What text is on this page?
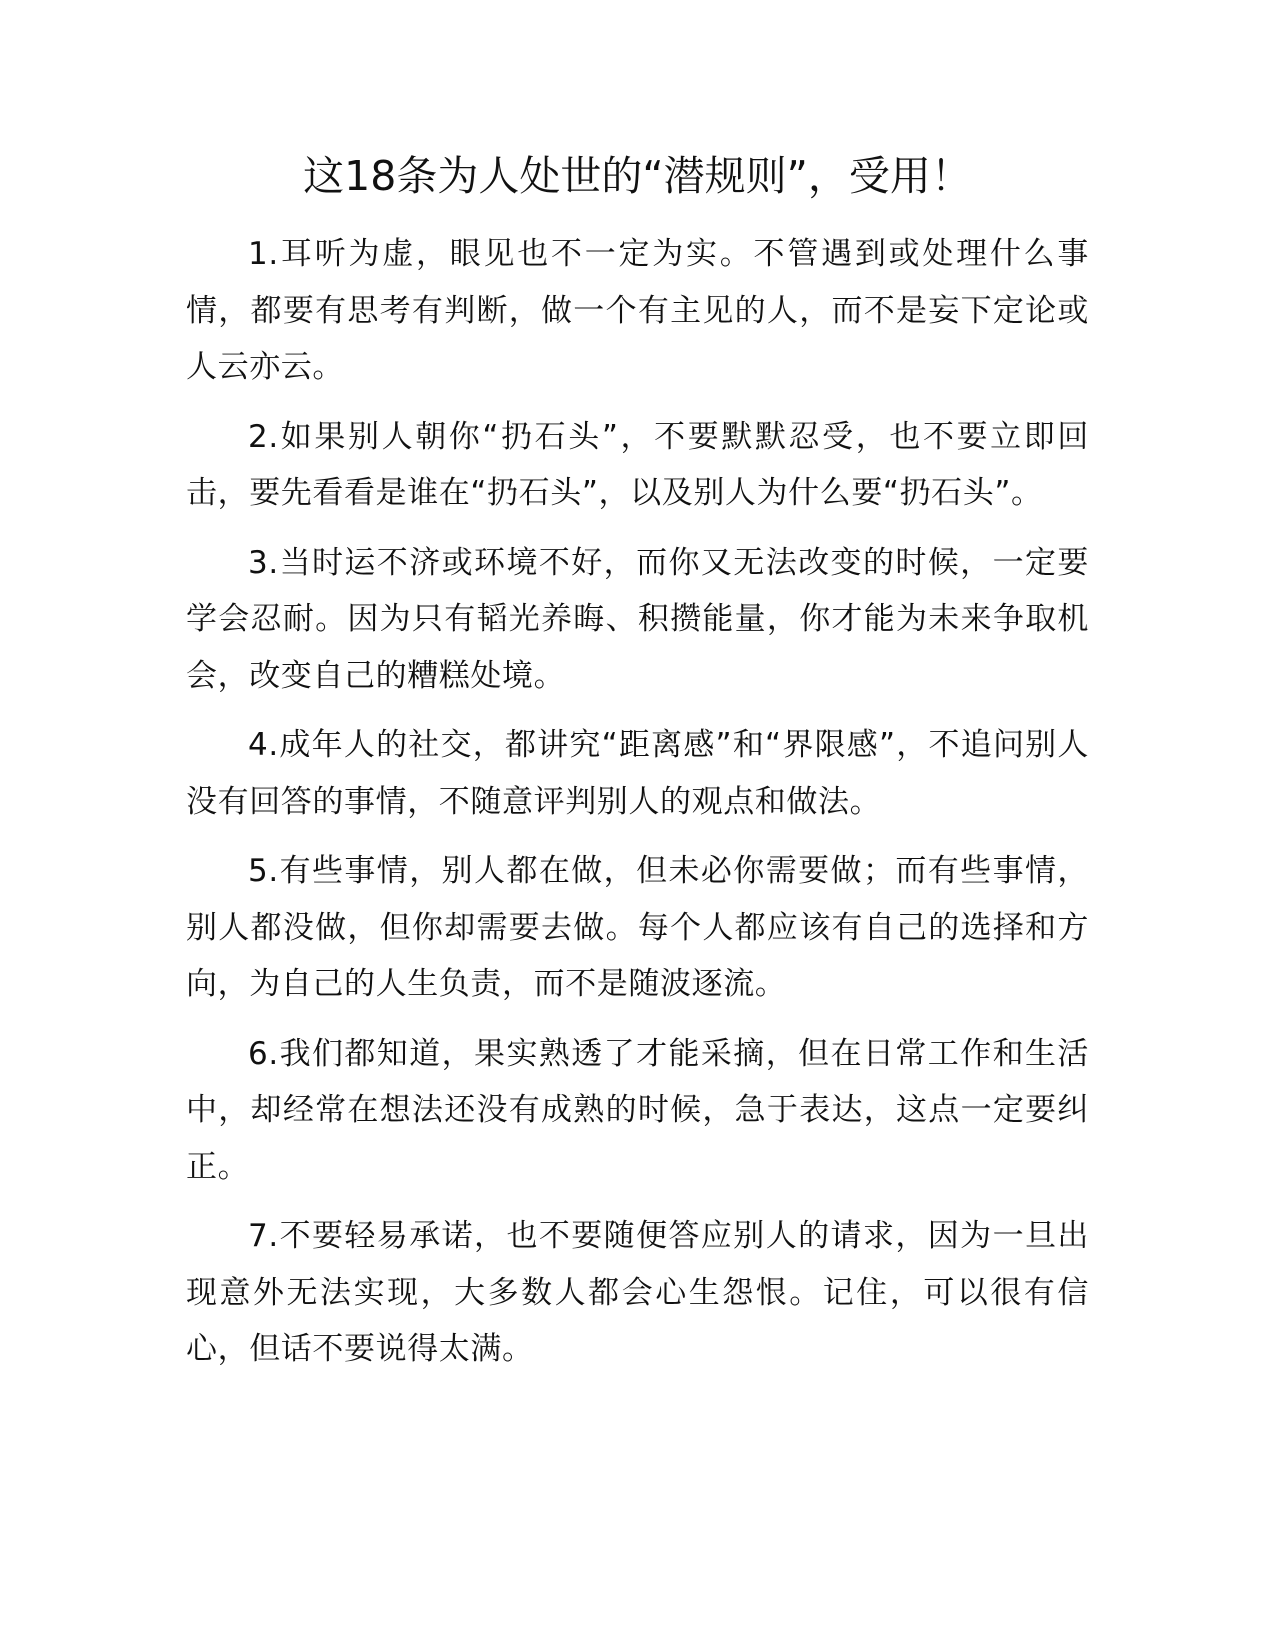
这18条为人处世的“潜规则”，受用！

1.耳听为虚，眼见也不一定为实。不管遇到或处理什么事情，都要有思考有判断，做一个有主见的人，而不是妄下定论或人云亦云。

2.如果别人朝你“扔石头”，不要默默忍受，也不要立即回击，要先看看是谁在“扔石头”，以及别人为什么要“扔石头”。

3.当时运不济或环境不好，而你又无法改变的时候，一定要学会忍耐。因为只有韬光养晦、积攒能量，你才能为未来争取机会，改变自己的糟糕处境。

4.成年人的社交，都讲究“距离感”和“界限感”，不追问别人没有回答的事情，不随意评判别人的观点和做法。

5.有些事情，别人都在做，但未必你需要做；而有些事情，别人都没做，但你却需要去做。每个人都应该有自己的选择和方向，为自己的人生负责，而不是随波逐流。

6.我们都知道，果实熟透了才能采摘，但在日常工作和生活中，却经常在想法还没有成熟的时候，急于表达，这点一定要纠正。

7.不要轻易承诺，也不要随便答应别人的请求，因为一旦出现意外无法实现，大多数人都会心生怨恨。记住，可以很有信心，但话不要说得太满。
